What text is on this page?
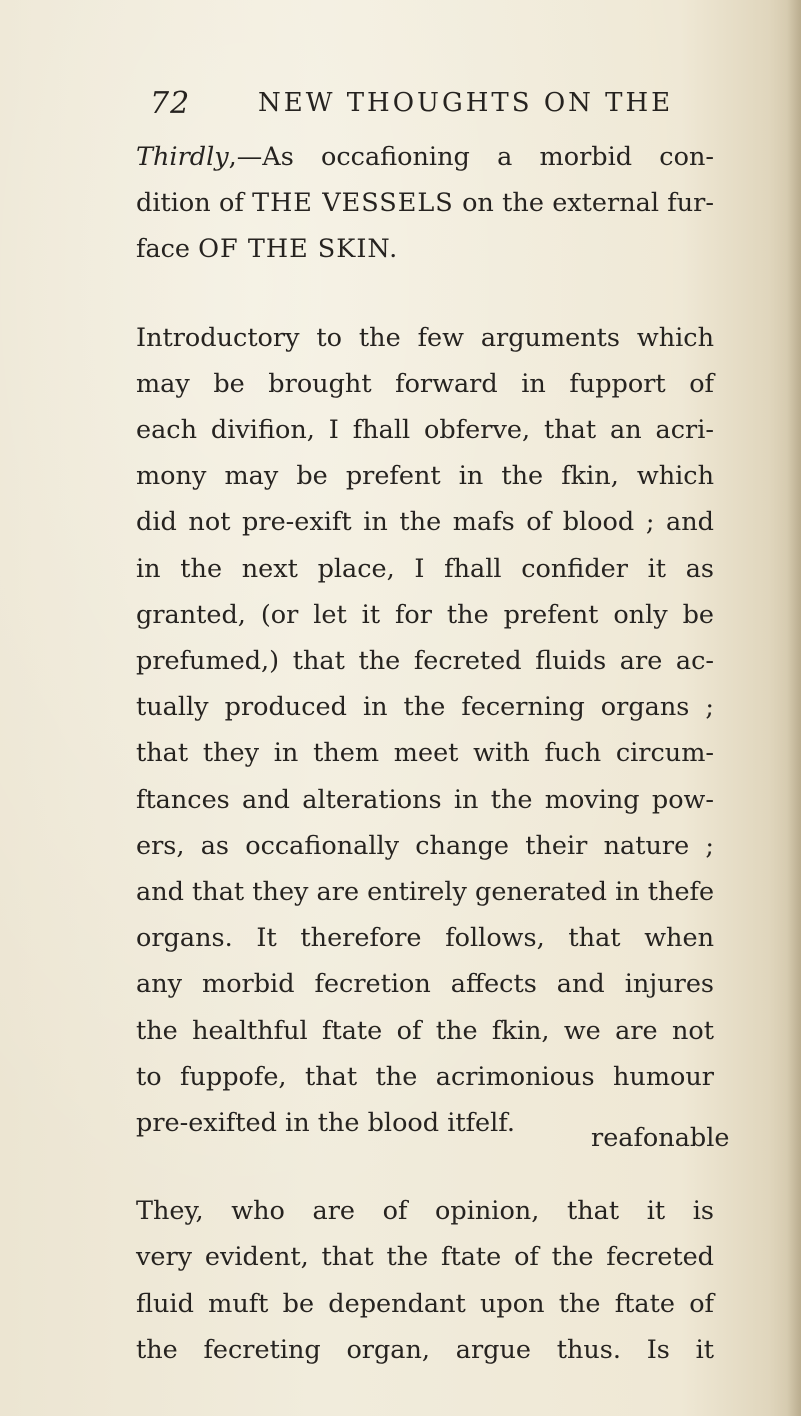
72	NEW THOUGHTS ON THE

Thirdly,—As occafioning a morbid con-
dition of THE VESSELS on the external fur-
face OF THE SKIN.

Introductory to the few arguments which
may be brought forward in fupport of
each divifion, I fhall obferve, that an acri-
mony may be prefent in the fkin, which
did not pre-exift in the mafs of blood ; and
in the next place, I fhall confider it as
granted, (or let it for the prefent only be
prefumed,) that the fecreted fluids are ac-
tually produced in the fecerning organs ;
that they in them meet with fuch circum-
ftances and alterations in the moving pow-
ers, as occafionally change their nature ;
and that they are entirely generated in thefe
organs. It therefore follows, that when
any morbid fecretion affects and injures
the healthful ftate of the fkin, we are not
to fuppofe, that the acrimonious humour
pre-exifted in the blood itfelf.

They, who are of opinion, that it is
very evident, that the ftate of the fecreted
fluid muft be dependant upon the ftate of
the fecreting organ, argue thus. Is it

reafonable
